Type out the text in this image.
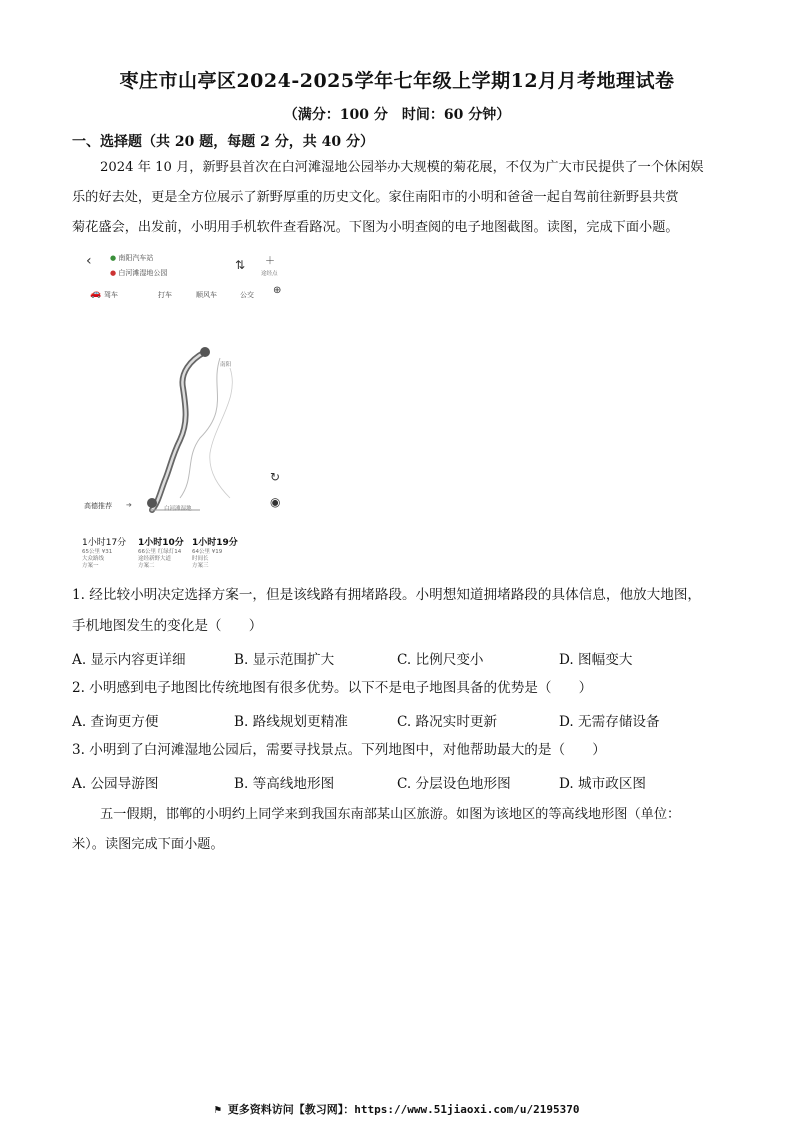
枣庄市山亭区2024-2025学年七年级上学期12月月考地理试卷
（满分：100 分　时间：60 分钟）
一、选择题（共 20 题，每题 2 分，共 40 分）
2024 年 10 月，新野县首次在白河滩湿地公园举办大规模的菊花展，不仅为广大市民提供了一个休闲娱
乐的好去处，更是全方位展示了新野厚重的历史文化。家住南阳市的小明和爸爸一起自驾前往新野县共赏
菊花盛会，出发前，小明用手机软件查看路况。下图为小明查阅的电子地图截图。读图，完成下面小题。
‹	● 南阳汽车站
● 白河滩湿地公园
⇅ ＋
途经点
🚗 驾车	打车	顺风车	公交 ⊕
南阳
高德推荐 ➔	白河滩湿地
↻
◉
1小时17分
65公里 ¥31
大众路线
方案一
1小时10分
66公里 红绿灯14
途经新野大道
方案二
1小时19分
64公里 ¥19
时间长
方案三
1. 经比较小明决定选择方案一，但是该线路有拥堵路段。小明想知道拥堵路段的具体信息，他放大地图，
手机地图发生的变化是（　　）
A. 显示内容更详细	B. 显示范围扩大	C. 比例尺变小	D. 图幅变大
2. 小明感到电子地图比传统地图有很多优势。以下不是电子地图具备的优势是（　　）
A. 查询更方便	B. 路线规划更精准	C. 路况实时更新	D. 无需存储设备
3. 小明到了白河滩湿地公园后，需要寻找景点。下列地图中，对他帮助最大的是（　　）
A. 公园导游图	B. 等高线地形图	C. 分层设色地形图	D. 城市政区图
五一假期，邯郸的小明约上同学来到我国东南部某山区旅游。如图为该地区的等高线地形图（单位：
米）。读图完成下面小题。
⚑ 更多资料访问【教习网】：https://www.51jiaoxi.com/u/2195370
